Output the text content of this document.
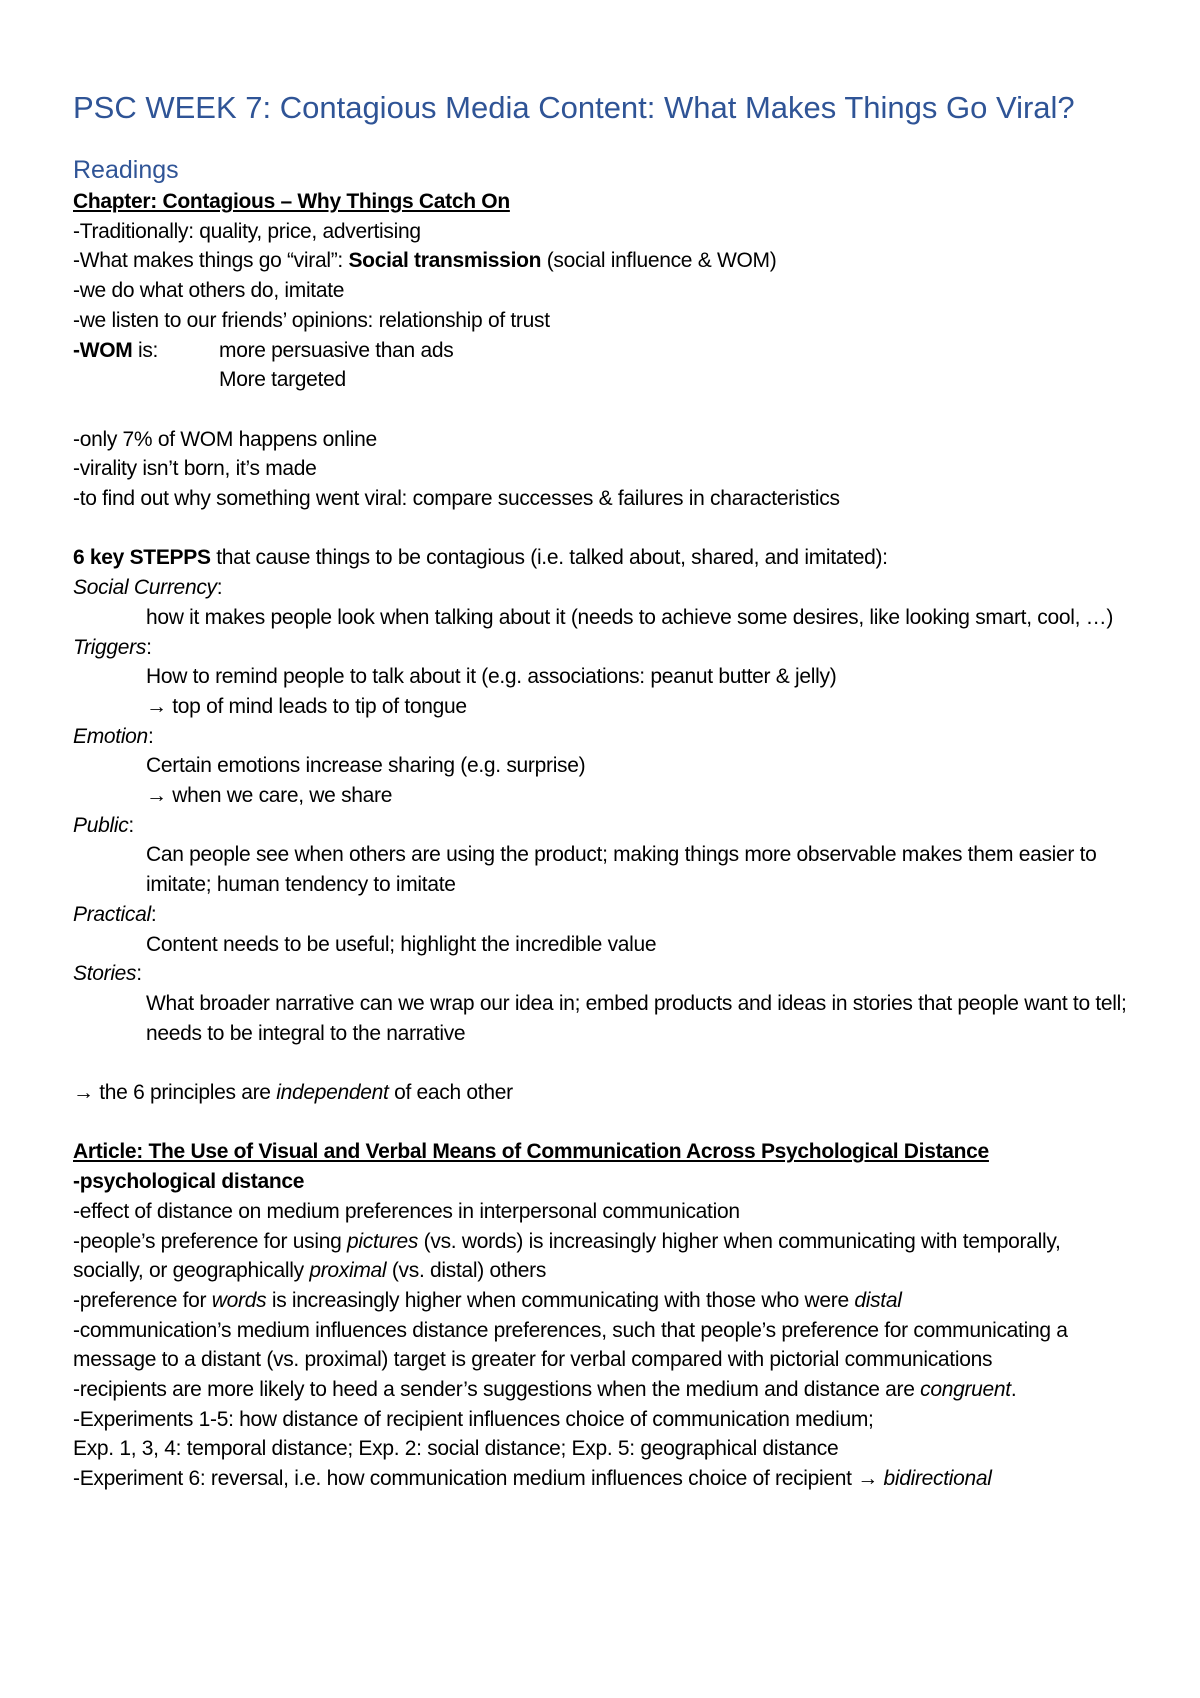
PSC WEEK 7: Contagious Media Content: What Makes Things Go Viral?
Readings
Chapter: Contagious – Why Things Catch On
-Traditionally: quality, price, advertising
-What makes things go “viral”: Social transmission (social influence & WOM)
-we do what others do, imitate
-we listen to our friends’ opinions: relationship of trust
-WOM is:	more persuasive than ads
More targeted
-only 7% of WOM happens online
-virality isn’t born, it’s made
-to find out why something went viral: compare successes & failures in characteristics
6 key STEPPS that cause things to be contagious (i.e. talked about, shared, and imitated):
Social Currency:
how it makes people look when talking about it (needs to achieve some desires, like looking smart, cool, …)
Triggers:
How to remind people to talk about it (e.g. associations: peanut butter & jelly)
→ top of mind leads to tip of tongue
Emotion:
Certain emotions increase sharing (e.g. surprise)
→ when we care, we share
Public:
Can people see when others are using the product; making things more observable makes them easier to imitate; human tendency to imitate
Practical:
Content needs to be useful; highlight the incredible value
Stories:
What broader narrative can we wrap our idea in; embed products and ideas in stories that people want to tell; needs to be integral to the narrative
→ the 6 principles are independent of each other
Article: The Use of Visual and Verbal Means of Communication Across Psychological Distance
-psychological distance
-effect of distance on medium preferences in interpersonal communication
-people’s preference for using pictures (vs. words) is increasingly higher when communicating with temporally, socially, or geographically proximal (vs. distal) others
-preference for words is increasingly higher when communicating with those who were distal
-communication’s medium influences distance preferences, such that people’s preference for communicating a message to a distant (vs. proximal) target is greater for verbal compared with pictorial communications
-recipients are more likely to heed a sender’s suggestions when the medium and distance are congruent.
-Experiments 1-5: how distance of recipient influences choice of communication medium;
Exp. 1, 3, 4: temporal distance; Exp. 2: social distance; Exp. 5: geographical distance
-Experiment 6: reversal, i.e. how communication medium influences choice of recipient → bidirectional
